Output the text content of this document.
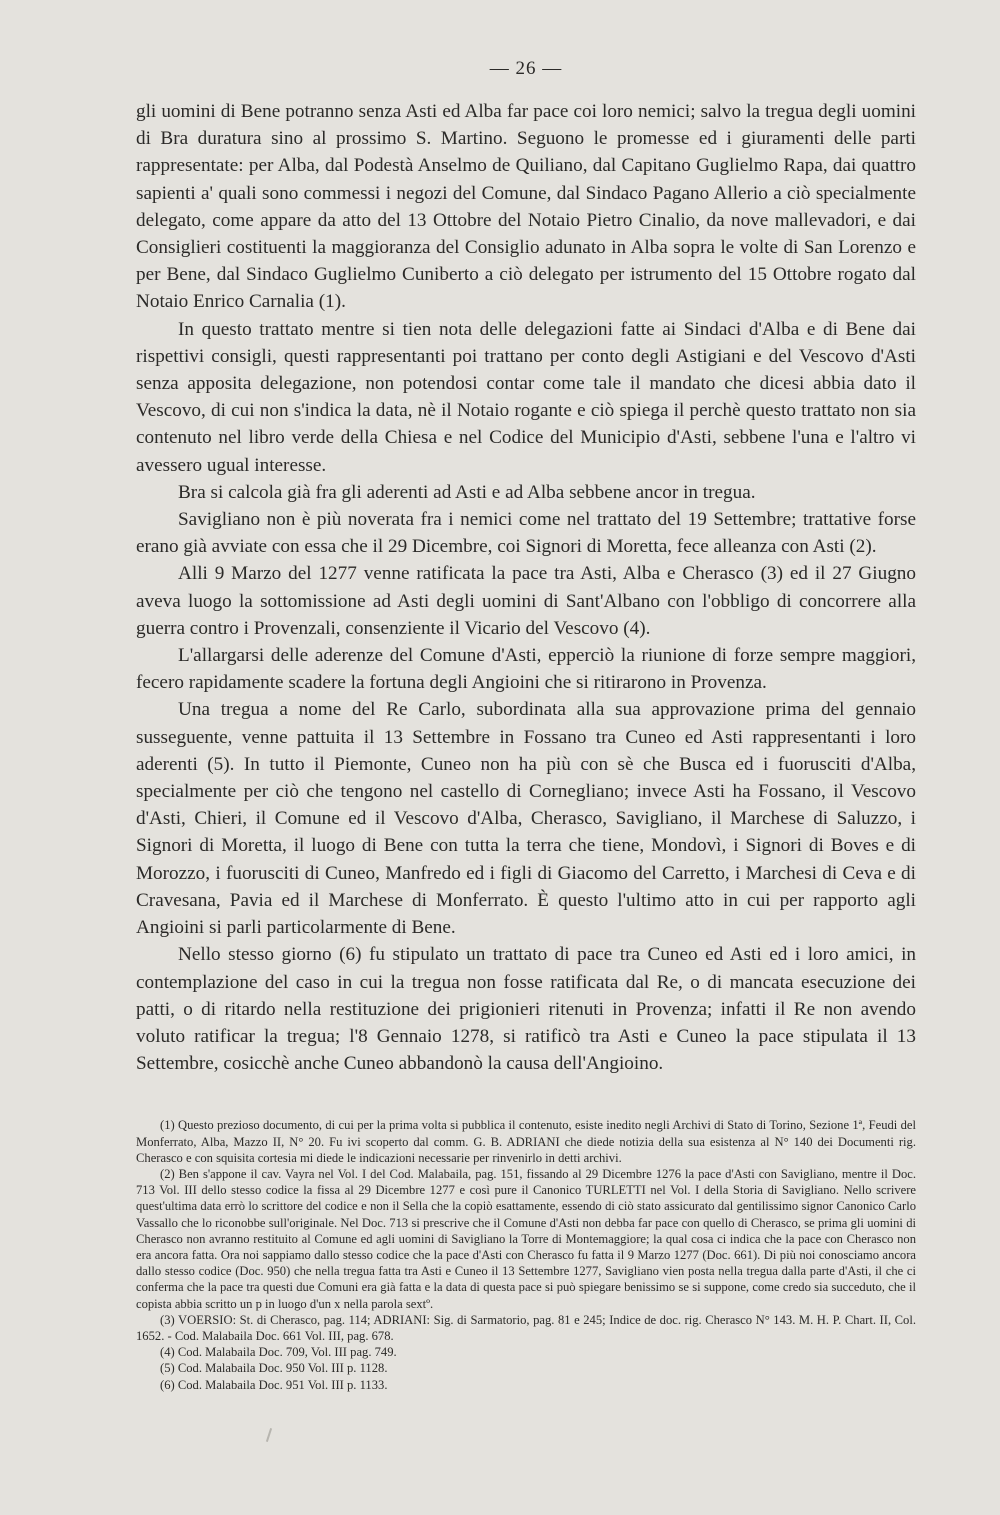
— 26 —

gli uomini di Bene potranno senza Asti ed Alba far pace coi loro nemici; salvo la tregua degli uomini di Bra duratura sino al prossimo S. Martino. Seguono le promesse ed i giuramenti delle parti rappresentate: per Alba, dal Podestà Anselmo de Quiliano, dal Capitano Guglielmo Rapa, dai quattro sapienti a' quali sono commessi i negozi del Comune, dal Sindaco Pagano Allerio a ciò specialmente delegato, come appare da atto del 13 Ottobre del Notaio Pietro Cinalio, da nove mallevadori, e dai Consiglieri costituenti la maggioranza del Consiglio adunato in Alba sopra le volte di San Lorenzo e per Bene, dal Sindaco Guglielmo Cuniberto a ciò delegato per istrumento del 15 Ottobre rogato dal Notaio Enrico Carnalia (1).

In questo trattato mentre si tien nota delle delegazioni fatte ai Sindaci d'Alba e di Bene dai rispettivi consigli, questi rappresentanti poi trattano per conto degli Astigiani e del Vescovo d'Asti senza apposita delegazione, non potendosi contar come tale il mandato che dicesi abbia dato il Vescovo, di cui non s'indica la data, nè il Notaio rogante e ciò spiega il perchè questo trattato non sia contenuto nel libro verde della Chiesa e nel Codice del Municipio d'Asti, sebbene l'una e l'altro vi avessero ugual interesse.

Bra si calcola già fra gli aderenti ad Asti e ad Alba sebbene ancor in tregua.

Savigliano non è più noverata fra i nemici come nel trattato del 19 Settembre; trattative forse erano già avviate con essa che il 29 Dicembre, coi Signori di Moretta, fece alleanza con Asti (2).

Alli 9 Marzo del 1277 venne ratificata la pace tra Asti, Alba e Cherasco (3) ed il 27 Giugno aveva luogo la sottomissione ad Asti degli uomini di Sant'Albano con l'obbligo di concorrere alla guerra contro i Provenzali, consenziente il Vicario del Vescovo (4).

L'allargarsi delle aderenze del Comune d'Asti, epperciò la riunione di forze sempre maggiori, fecero rapidamente scadere la fortuna degli Angioini che si ritirarono in Provenza.

Una tregua a nome del Re Carlo, subordinata alla sua approvazione prima del gennaio susseguente, venne pattuita il 13 Settembre in Fossano tra Cuneo ed Asti rappresentanti i loro aderenti (5). In tutto il Piemonte, Cuneo non ha più con sè che Busca ed i fuorusciti d'Alba, specialmente per ciò che tengono nel castello di Cornegliano; invece Asti ha Fossano, il Vescovo d'Asti, Chieri, il Comune ed il Vescovo d'Alba, Cherasco, Savigliano, il Marchese di Saluzzo, i Signori di Moretta, il luogo di Bene con tutta la terra che tiene, Mondovì, i Signori di Boves e di Morozzo, i fuorusciti di Cuneo, Manfredo ed i figli di Giacomo del Carretto, i Marchesi di Ceva e di Cravesana, Pavia ed il Marchese di Monferrato. È questo l'ultimo atto in cui per rapporto agli Angioini si parli particolarmente di Bene.

Nello stesso giorno (6) fu stipulato un trattato di pace tra Cuneo ed Asti ed i loro amici, in contemplazione del caso in cui la tregua non fosse ratificata dal Re, o di mancata esecuzione dei patti, o di ritardo nella restituzione dei prigionieri ritenuti in Provenza; infatti il Re non avendo voluto ratificar la tregua; l'8 Gennaio 1278, si ratificò tra Asti e Cuneo la pace stipulata il 13 Settembre, cosicchè anche Cuneo abbandonò la causa dell'Angioino.

(1) Questo prezioso documento, di cui per la prima volta si pubblica il contenuto, esiste inedito negli Archivi di Stato di Torino, Sezione 1ª, Feudi del Monferrato, Alba, Mazzo II, N° 20. Fu ivi scoperto dal comm. G. B. ADRIANI che diede notizia della sua esistenza al N° 140 dei Documenti rig. Cherasco e con squisita cortesia mi diede le indicazioni necessarie per rinvenirlo in detti archivi.

(2) Ben s'appone il cav. Vayra nel Vol. I del Cod. Malabaila, pag. 151, fissando al 29 Dicembre 1276 la pace d'Asti con Savigliano, mentre il Doc. 713 Vol. III dello stesso codice la fissa al 29 Dicembre 1277 e così pure il Canonico TURLETTI nel Vol. I della Storia di Savigliano. Nello scrivere quest'ultima data errò lo scrittore del codice e non il Sella che la copiò esattamente, essendo di ciò stato assicurato dal gentilissimo signor Canonico Carlo Vassallo che lo riconobbe sull'originale. Nel Doc. 713 si prescrive che il Comune d'Asti non debba far pace con quello di Cherasco, se prima gli uomini di Cherasco non avranno restituito al Comune ed agli uomini di Savigliano la Torre di Montemaggiore; la qual cosa ci indica che la pace con Cherasco non era ancora fatta. Ora noi sappiamo dallo stesso codice che la pace d'Asti con Cherasco fu fatta il 9 Marzo 1277 (Doc. 661). Di più noi conosciamo ancora dallo stesso codice (Doc. 950) che nella tregua fatta tra Asti e Cuneo il 13 Settembre 1277, Savigliano vien posta nella tregua dalla parte d'Asti, il che ci conferma che la pace tra questi due Comuni era già fatta e la data di questa pace si può spiegare benissimo se si suppone, come credo sia succeduto, che il copista abbia scritto un p in luogo d'un x nella parola sextº.

(3) VOERSIO: St. di Cherasco, pag. 114; ADRIANI: Sig. di Sarmatorio, pag. 81 e 245; Indice de doc. rig. Cherasco N° 143. M. H. P. Chart. II, Col. 1652. - Cod. Malabaila Doc. 661 Vol. III, pag. 678.

(4) Cod. Malabaila Doc. 709, Vol. III pag. 749.

(5) Cod. Malabaila Doc. 950 Vol. III p. 1128.

(6) Cod. Malabaila Doc. 951 Vol. III p. 1133.
